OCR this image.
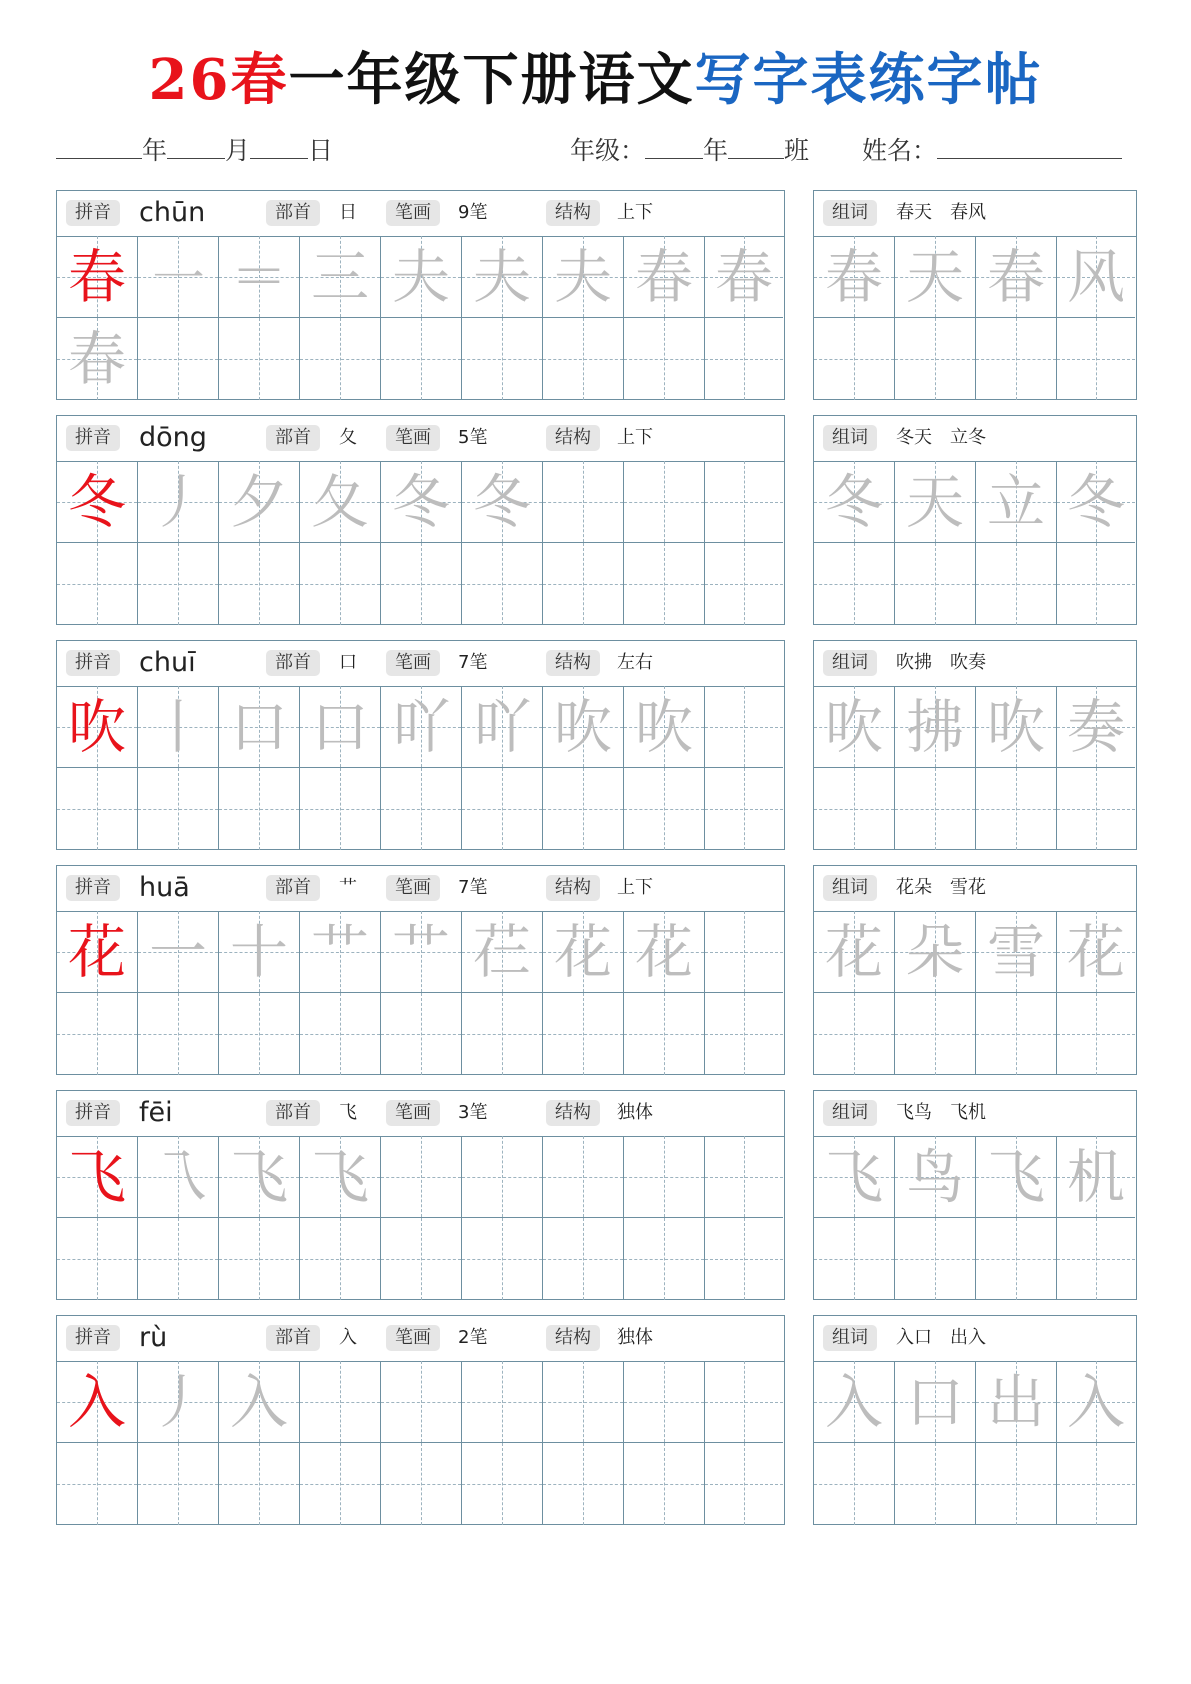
26春一年级下册语文写字表练字帖
年 月 日	年级： 年 班 姓名：
拼音	chūn	部首	日	笔画	9笔	结构	上下
春 ㇐ ＝ 三 夫 夫 夫 春 春
春
组词	春天　春风
春 天 春 风
拼音	dōng	部首	夂	笔画	5笔	结构	上下
冬 丿 夕 夂 冬 冬
组词	冬天　立冬
冬 天 立 冬
拼音	chuī	部首	口	笔画	7笔	结构	左右
吹 丨 口 口 吖 吖 吹 吹
组词	吹拂　吹奏
吹 拂 吹 奏
拼音	huā	部首	艹	笔画	7笔	结构	上下
花 一 十 艹 艹 芢 花 花
组词	花朵　雪花
花 朵 雪 花
拼音	fēi	部首	飞	笔画	3笔	结构	独体
飞 乁 飞 飞
组词	飞鸟　飞机
飞 鸟 飞 机
拼音	rù	部首	入	笔画	2笔	结构	独体
入 丿 入
组词	入口　出入
入 口 出 入
